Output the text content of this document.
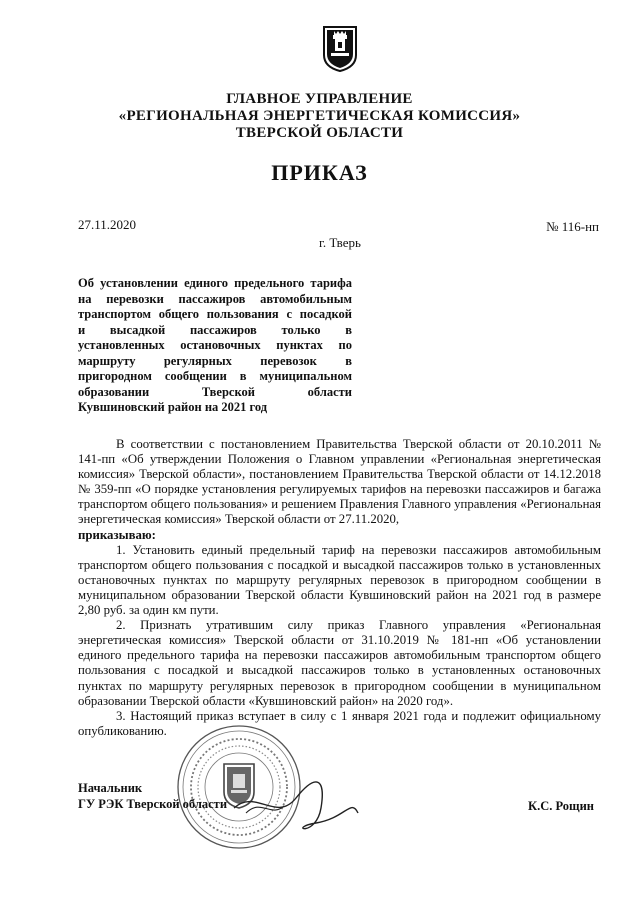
ГЛАВНОЕ УПРАВЛЕНИЕ
«РЕГИОНАЛЬНАЯ ЭНЕРГЕТИЧЕСКАЯ КОМИССИЯ»
ТВЕРСКОЙ ОБЛАСТИ
ПРИКАЗ
27.11.2020	№ 116-нп
г. Тверь
Об установлении единого предельного тарифа
на перевозки пассажиров автомобильным
транспортом общего пользования с посадкой
и высадкой пассажиров только в
установленных остановочных пунктах по
маршруту регулярных перевозок в
пригородном сообщении в муниципальном
образовании Тверской области
Кувшиновский район на 2021 год

В соответствии с постановлением Правительства Тверской области от 20.10.2011 № 141-пп «Об утверждении Положения о Главном управлении «Региональная энергетическая комиссия» Тверской области», постановлением Правительства Тверской области от 14.12.2018 № 359-пп «О порядке установления регулируемых тарифов на перевозки пассажиров и багажа транспортом общего пользования» и решением Правления Главного управления «Региональная энергетическая комиссия» Тверской области от 27.11.2020,

приказываю:

1. Установить единый предельный тариф на перевозки пассажиров автомобильным транспортом общего пользования с посадкой и высадкой пассажиров только в установленных остановочных пунктах по маршруту регулярных перевозок в пригородном сообщении в муниципальном образовании Тверской области Кувшиновский район на 2021 год в размере 2,80 руб. за один км пути.

2. Признать утратившим силу приказ Главного управления «Региональная энергетическая комиссия» Тверской области от 31.10.2019 № 181-нп «Об установлении единого предельного тарифа на перевозки пассажиров автомобильным транспортом общего пользования с посадкой и высадкой пассажиров только в установленных остановочных пунктах по маршруту регулярных перевозок в пригородном сообщении в муниципальном образовании Тверской области «Кувшиновский район» на 2020 год».

3. Настоящий приказ вступает в силу с 1 января 2021 года и подлежит официальному опубликованию.

Начальник
ГУ РЭК Тверской области	К.С. Рощин
